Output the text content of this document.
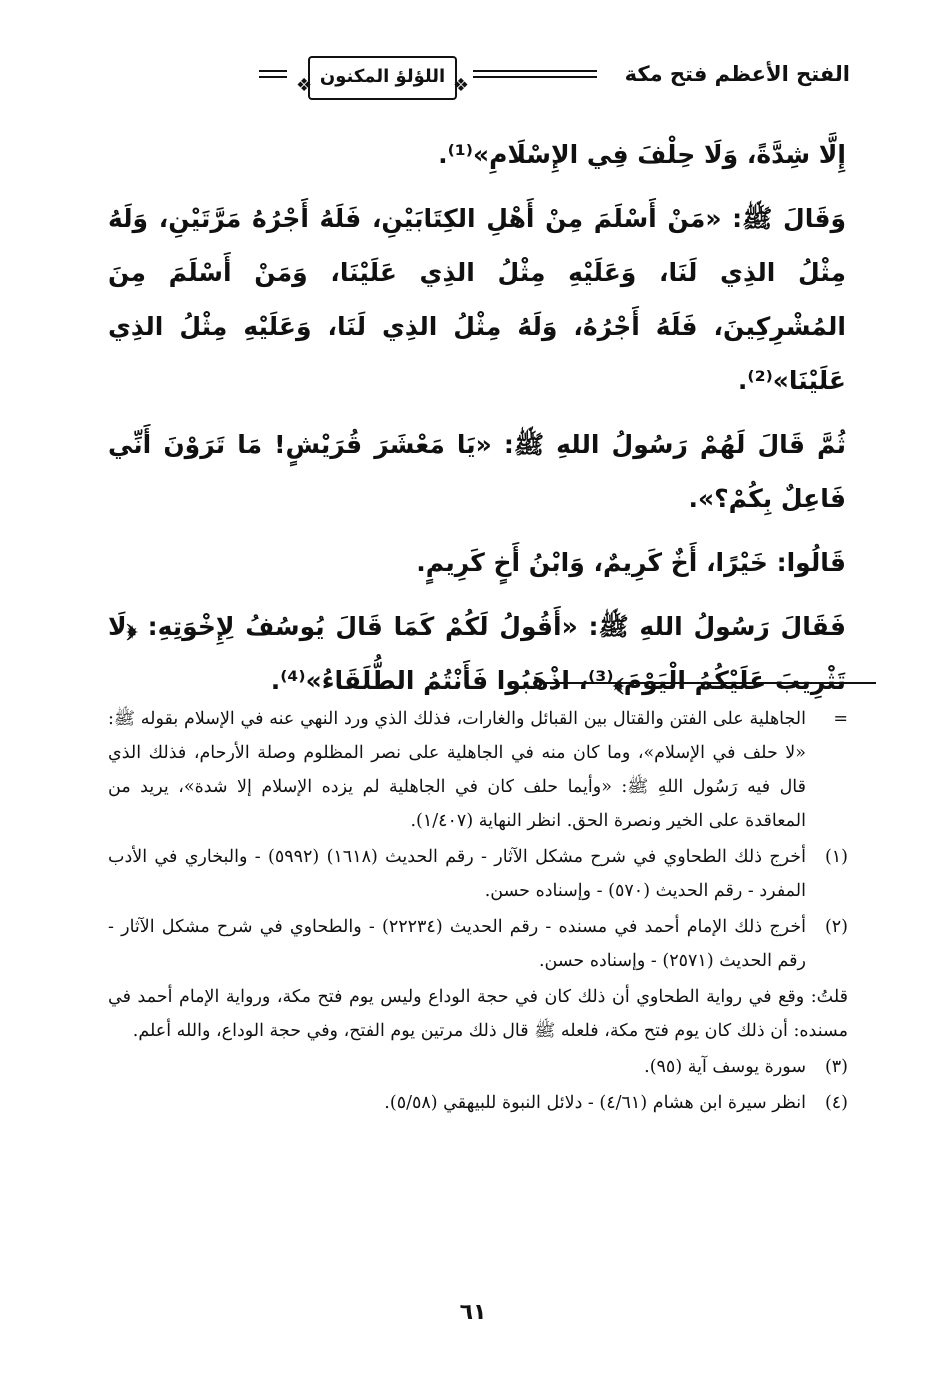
الفتح الأعظم فتح مكة
❖
اللؤلؤ المكنون
❖

إِلَّا شِدَّةً، وَلَا حِلْفَ فِي الإِسْلَامِ»⁽¹⁾.

وَقَالَ ﷺ: «مَنْ أَسْلَمَ مِنْ أَهْلِ الكِتَابَيْنِ، فَلَهُ أَجْرُهُ مَرَّتَيْنِ، وَلَهُ مِثْلُ الذِي لَنَا، وَعَلَيْهِ مِثْلُ الذِي عَلَيْنَا، وَمَنْ أَسْلَمَ مِنَ المُشْرِكِينَ، فَلَهُ أَجْرُهُ، وَلَهُ مِثْلُ الذِي لَنَا، وَعَلَيْهِ مِثْلُ الذِي عَلَيْنَا»⁽²⁾.

ثُمَّ قَالَ لَهُمْ رَسُولُ اللهِ ﷺ: «يَا مَعْشَرَ قُرَيْشٍ! مَا تَرَوْنَ أَنِّي فَاعِلٌ بِكُمْ؟».

قَالُوا: خَيْرًا، أَخٌ كَرِيمٌ، وَابْنُ أَخٍ كَرِيمٍ.

فَقَالَ رَسُولُ اللهِ ﷺ: «أَقُولُ لَكُمْ كَمَا قَالَ يُوسُفُ لِإِخْوَتِهِ: ﴿لَا تَثْرِيبَ عَلَيْكُمُ الْيَوْمَ﴾⁽³⁾، اذْهَبُوا فَأَنْتُمُ الطُّلَقَاءُ»⁽⁴⁾.

=
الجاهلية على الفتن والقتال بين القبائل والغارات، فذلك الذي ورد النهي عنه في الإسلام بقوله ﷺ: «لا حلف في الإسلام»، وما كان منه في الجاهلية على نصر المظلوم وصلة الأرحام، فذلك الذي قال فيه رَسُول اللهِ ﷺ: «وأيما حلف كان في الجاهلية لم يزده الإسلام إلا شدة»، يريد من المعاقدة على الخير ونصرة الحق. انظر النهاية (١/٤٠٧).

(١)
أخرج ذلك الطحاوي في شرح مشكل الآثار - رقم الحديث (١٦١٨) (٥٩٩٢) - والبخاري في الأدب المفرد - رقم الحديث (٥٧٠) - وإسناده حسن.

(٢)
أخرج ذلك الإمام أحمد في مسنده - رقم الحديث (٢٢٢٣٤) - والطحاوي في شرح مشكل الآثار - رقم الحديث (٢٥٧١) - وإسناده حسن.

قلتُ: وقع في رواية الطحاوي أن ذلك كان في حجة الوداع وليس يوم فتح مكة، ورواية الإمام أحمد في مسنده: أن ذلك كان يوم فتح مكة، فلعله ﷺ قال ذلك مرتين يوم الفتح، وفي حجة الوداع، والله أعلم.

(٣)
سورة يوسف آية (٩٥).

(٤)
انظر سيرة ابن هشام (٤/٦١) - دلائل النبوة للبيهقي (٥/٥٨).

٦١
